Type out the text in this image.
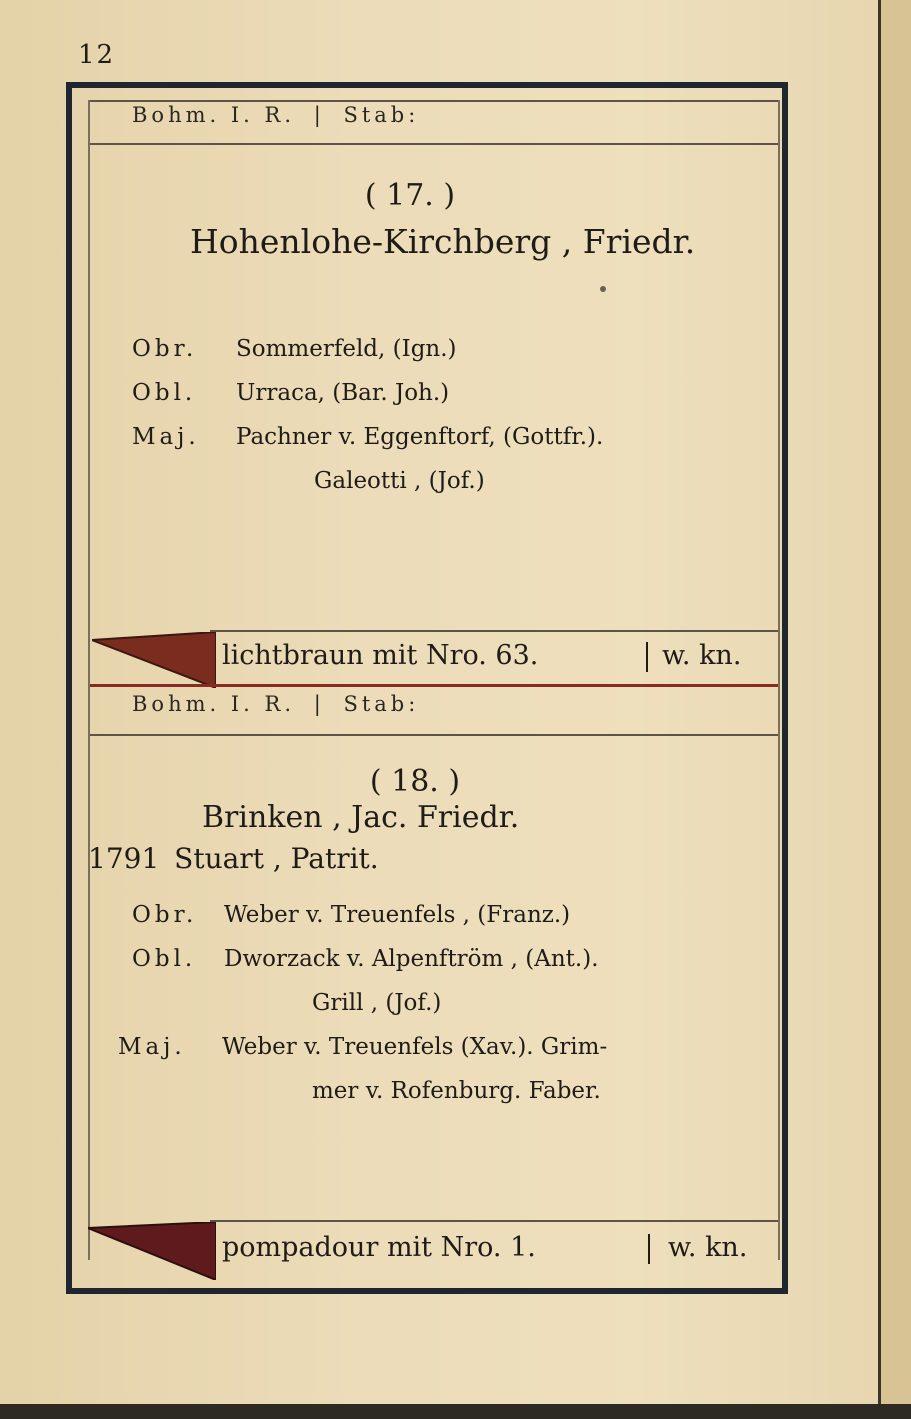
12
Bohm. I. R. | Stab:
( 17. )
Hohenlohe-Kirchberg , Friedr.
Obr. Sommerfeld, (Ign.)
Obl. Urraca, (Bar. Joh.)
Maj. Pachner v. Eggenftorf, (Gottfr.).
Galeotti , (Jof.)
lichtbraun mit Nro. 63.	w. kn.
Bohm. I. R. | Stab:
( 18. )
Brinken , Jac. Friedr.
1791 Stuart , Patrit.
Obr. Weber v. Treuenfels , (Franz.)
Obl. Dworzack v. Alpenftröm , (Ant.).
Grill , (Jof.)
Maj. Weber v. Treuenfels (Xav.). Grim-
mer v. Rofenburg. Faber.
pompadour mit Nro. 1.	w. kn.
